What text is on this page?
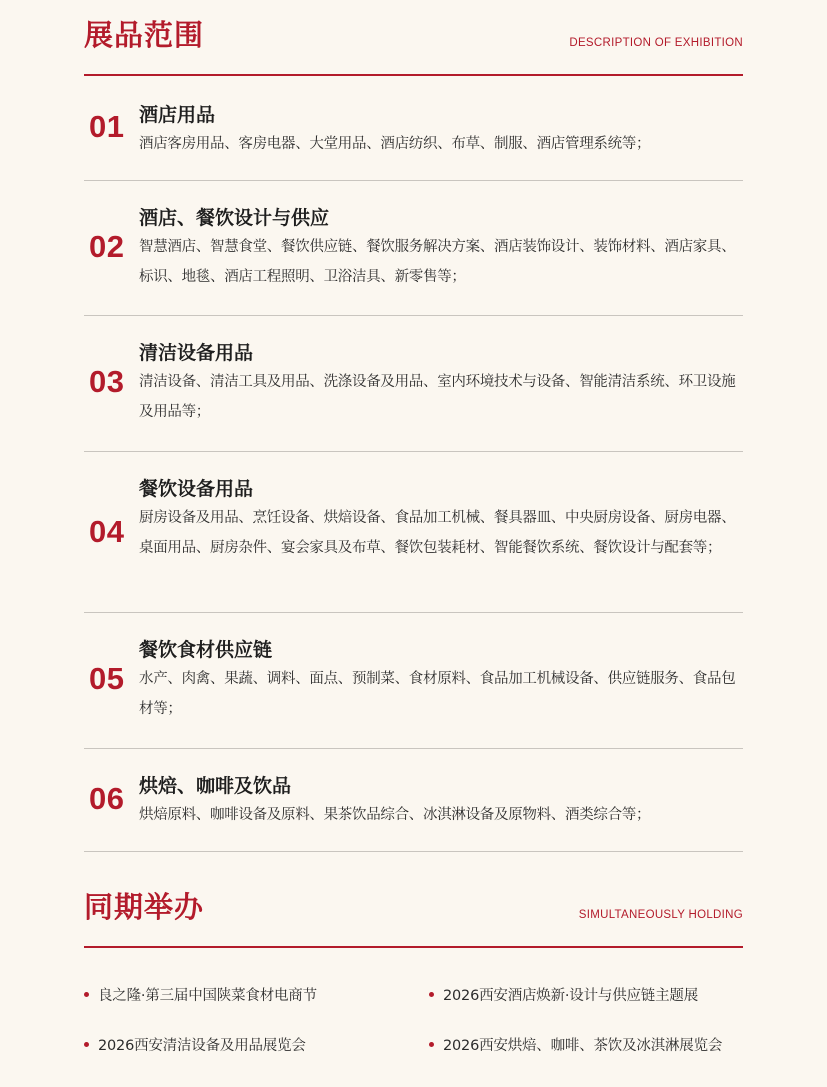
展品范围	DESCRIPTION OF EXHIBITION
01 酒店用品
酒店客房用品、客房电器、大堂用品、酒店纺织、布草、制服、酒店管理系统等；
02
酒店、餐饮设计与供应
智慧酒店、智慧食堂、餐饮供应链、餐饮服务解决方案、酒店装饰设计、装饰材料、酒店家具、标识、地毯、酒店工程照明、卫浴洁具、新零售等；
03
清洁设备用品
清洁设备、清洁工具及用品、洗涤设备及用品、室内环境技术与设备、智能清洁系统、环卫设施及用品等；
04
餐饮设备用品
厨房设备及用品、烹饪设备、烘焙设备、食品加工机械、餐具器皿、中央厨房设备、厨房电器、桌面用品、厨房杂件、宴会家具及布草、餐饮包装耗材、智能餐饮系统、餐饮设计与配套等；
05
餐饮食材供应链
水产、肉禽、果蔬、调料、面点、预制菜、食材原料、食品加工机械设备、供应链服务、食品包材等；
06 烘焙、咖啡及饮品
烘焙原料、咖啡设备及原料、果茶饮品综合、冰淇淋设备及原物料、酒类综合等；
同期举办	SIMULTANEOUSLY HOLDING
良之隆·第三届中国陕菜食材电商节	2026西安酒店焕新·设计与供应链主题展
2026西安清洁设备及用品展览会	2026西安烘焙、咖啡、茶饮及冰淇淋展览会
